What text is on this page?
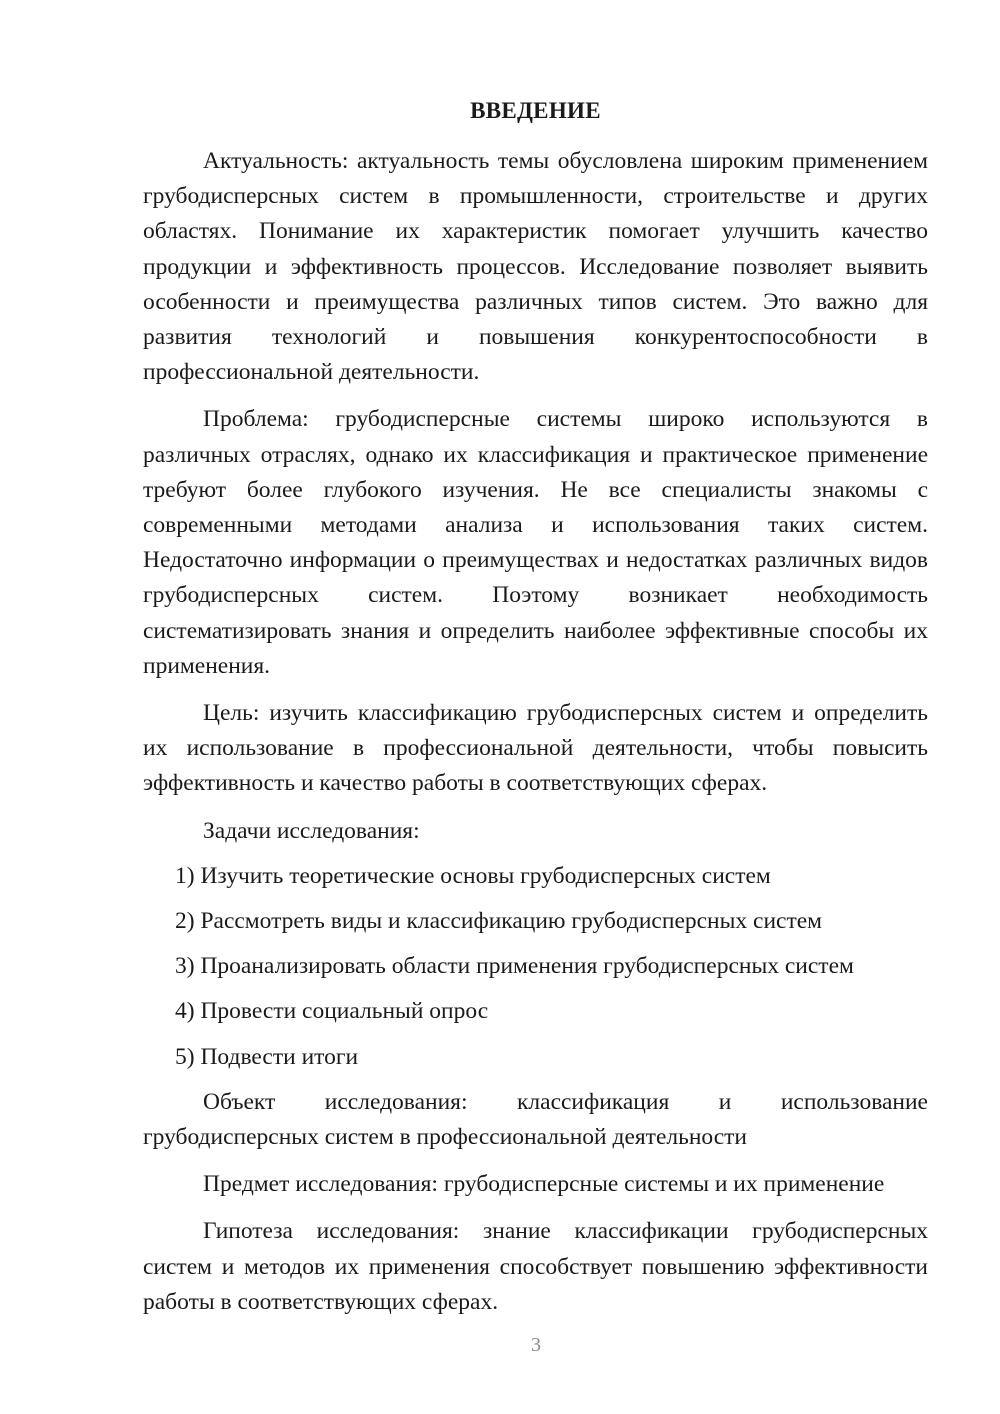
ВВЕДЕНИЕ

Актуальность: актуальность темы обусловлена широким применением грубодисперсных систем в промышленности, строительстве и других областях. Понимание их характеристик помогает улучшить качество продукции и эффективность процессов. Исследование позволяет выявить особенности и преимущества различных типов систем. Это важно для развития технологий и повышения конкурентоспособности в профессиональной деятельности.

Проблема: грубодисперсные системы широко используются в различных отраслях, однако их классификация и практическое применение требуют более глубокого изучения. Не все специалисты знакомы с современными методами анализа и использования таких систем. Недостаточно информации о преимуществах и недостатках различных видов грубодисперсных систем. Поэтому возникает необходимость систематизировать знания и определить наиболее эффективные способы их применения.

Цель: изучить классификацию грубодисперсных систем и определить их использование в профессиональной деятельности, чтобы повысить эффективность и качество работы в соответствующих сферах.

Задачи исследования:

1) Изучить теоретические основы грубодисперсных систем
2) Рассмотреть виды и классификацию грубодисперсных систем
3) Проанализировать области применения грубодисперсных систем
4) Провести социальный опрос
5) Подвести итоги

Объект исследования: классификация и использование грубодисперсных систем в профессиональной деятельности

Предмет исследования: грубодисперсные системы и их применение

Гипотеза исследования: знание классификации грубодисперсных систем и методов их применения способствует повышению эффективности работы в соответствующих сферах.

3
